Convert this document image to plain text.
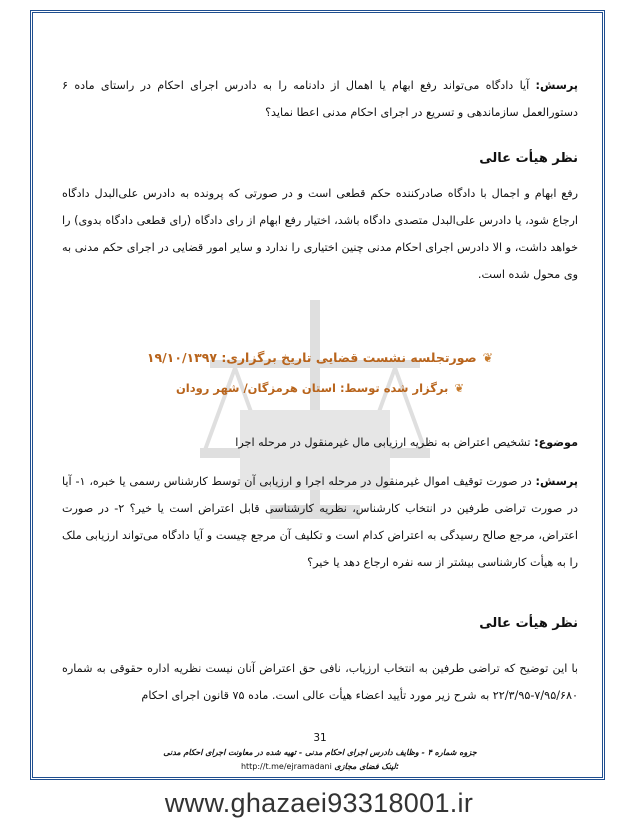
پرسش: آیا دادگاه می‌تواند رفع ابهام یا اهمال از دادنامه را به دادرس اجرای احکام در راستای ماده ۶ دستورالعمل سازماندهی و تسریع در اجرای احکام مدنی اعطا نماید؟
نظر هیأت عالی
رفع ابهام و اجمال با دادگاه صادرکننده حکم قطعی است و در صورتی که پرونده به دادرس علی‌البدل دادگاه ارجاع شود، یا دادرس علی‌البدل متصدی دادگاه باشد، اختیار رفع ابهام از رای دادگاه (رای قطعی دادگاه بدوی) را خواهد داشت، و الا دادرس اجرای احکام مدنی چنین اختیاری را ندارد و سایر امور قضایی در اجرای حکم مدنی به وی محول شده است.
❦صورتجلسه نشست قضایی تاریخ برگزاری: ۱۹/۱۰/۱۳۹۷
❦برگزار شده توسط: استان هرمزگان/ شهر رودان
موضوع: تشخیص اعتراض به نظریه ارزیابی مال غیرمنقول در مرحله اجرا
پرسش: در صورت توقیف اموال غیرمنقول در مرحله اجرا و ارزیابی آن توسط کارشناس رسمی یا خبره، ۱- آیا در صورت تراضی طرفین در انتخاب کارشناس، نظریه کارشناسی قابل اعتراض است یا خیر؟ ۲- در صورت اعتراض، مرجع صالح رسیدگی به اعتراض کدام است و تکلیف آن مرجع چیست و آیا دادگاه می‌تواند ارزیابی ملک را به هیأت کارشناسی بیشتر از سه نفره ارجاع دهد یا خیر؟
نظر هیأت عالی
با این توضیح که تراضی طرفین به انتخاب ارزیاب، نافی حق اعتراض آنان نیست نظریه اداره حقوقی به شماره ۷/۹۵/۶۸۰-۲۲/۳/۹۵ به شرح زیر مورد تأیید اعضاء هیأت عالی است. ماده ۷۵ قانون اجرای احکام
31
جزوه شماره ۴ - وظایف دادرس اجرای احکام مدنی - تهیه شده در معاونت اجرای احکام مدنی
http://t.me/ejramadani لینک فضای مجازی:
www.ghazaei93318001.ir
